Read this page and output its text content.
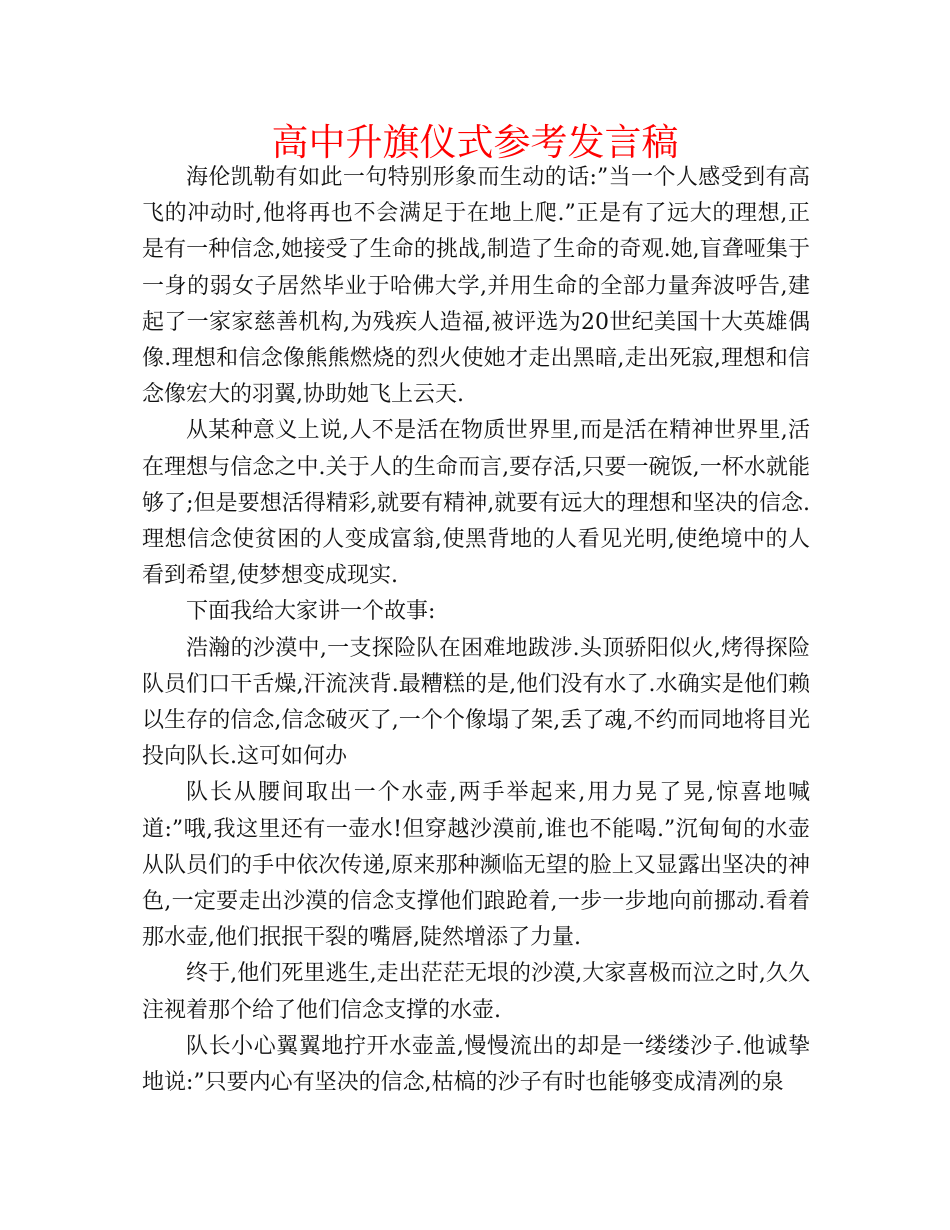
高中升旗仪式参考发言稿

海伦凯勒有如此一句特别形象而生动的话:”当一个人感受到有高飞的冲动时,他将再也不会满足于在地上爬.”正是有了远大的理想,正是有一种信念,她接受了生命的挑战,制造了生命的奇观.她,盲聋哑集于一身的弱女子居然毕业于哈佛大学,并用生命的全部力量奔波呼告,建起了一家家慈善机构,为残疾人造福,被评选为20世纪美国十大英雄偶像.理想和信念像熊熊燃烧的烈火使她才走出黑暗,走出死寂,理想和信念像宏大的羽翼,协助她飞上云天.

从某种意义上说,人不是活在物质世界里,而是活在精神世界里,活在理想与信念之中.关于人的生命而言,要存活,只要一碗饭,一杯水就能够了;但是要想活得精彩,就要有精神,就要有远大的理想和坚决的信念.理想信念使贫困的人变成富翁,使黑背地的人看见光明,使绝境中的人看到希望,使梦想变成现实.

下面我给大家讲一个故事:

浩瀚的沙漠中,一支探险队在困难地跋涉.头顶骄阳似火,烤得探险队员们口干舌燥,汗流浃背.最糟糕的是,他们没有水了.水确实是他们赖以生存的信念,信念破灭了,一个个像塌了架,丢了魂,不约而同地将目光投向队长.这可如何办

队长从腰间取出一个水壶,两手举起来,用力晃了晃,惊喜地喊道:”哦,我这里还有一壶水!但穿越沙漠前,谁也不能喝.”沉甸甸的水壶从队员们的手中依次传递,原来那种濒临无望的脸上又显露出坚决的神色,一定要走出沙漠的信念支撑他们踉跄着,一步一步地向前挪动.看着那水壶,他们抿抿干裂的嘴唇,陡然增添了力量.

终于,他们死里逃生,走出茫茫无垠的沙漠,大家喜极而泣之时,久久注视着那个给了他们信念支撑的水壶.

队长小心翼翼地拧开水壶盖,慢慢流出的却是一缕缕沙子.他诚挚地说:”只要内心有坚决的信念,枯槁的沙子有时也能够变成清冽的泉
